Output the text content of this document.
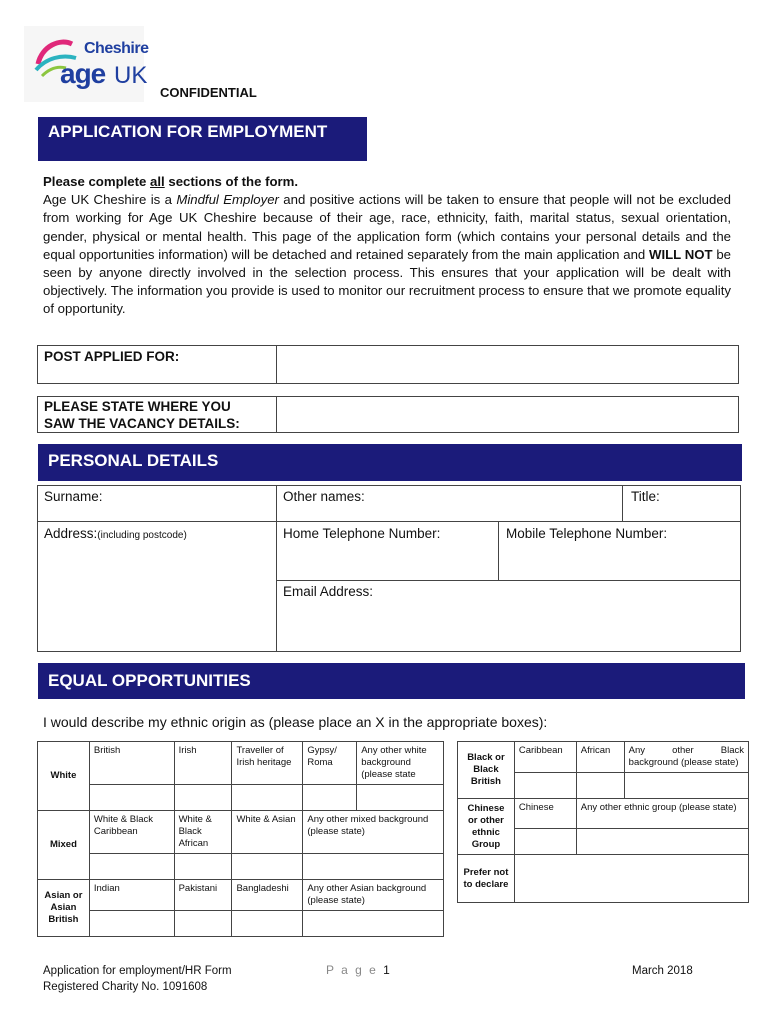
Cheshire
age UK
CONFIDENTIAL
APPLICATION FOR EMPLOYMENT
Please complete all sections of the form.
Age UK Cheshire is a Mindful Employer and positive actions will be taken to ensure that people will not be excluded from working for Age UK Cheshire because of their age, race, ethnicity, faith, marital status, sexual orientation, gender, physical or mental health. This page of the application form (which contains your personal details and the equal opportunities information) will be detached and retained separately from the main application and WILL NOT be seen by anyone directly involved in the selection process. This ensures that your application will be dealt with objectively. The information you provide is used to monitor our recruitment process to ensure that we promote equality of opportunity.
POST APPLIED FOR:
PLEASE STATE WHERE YOU
SAW THE VACANCY DETAILS:
PERSONAL DETAILS
Surname:	Other names:	Title:
Address:(including postcode)	Home Telephone Number:	Mobile Telephone Number:
Email Address:
EQUAL OPPORTUNITIES
I would describe my ethnic origin as (please place an X in the appropriate boxes):
White	British	Irish	Traveller of Irish heritage	Gypsy/ Roma	Any other white background (please state

Mixed	White & Black Caribbean	White & Black African	White & Asian	Any other mixed background (please state)	

Asian or Asian British	Indian	Pakistani	Bangladeshi	Any other Asian background (please state)	

Black or Black British	Caribbean	African	Any other Black background (please state)

Chinese or other ethnic Group	Chinese	Any other ethnic group (please state)	

Prefer not to declare			
Application for employment/HR Form
Registered Charity No. 1091608
P a g e 1	March 2018
